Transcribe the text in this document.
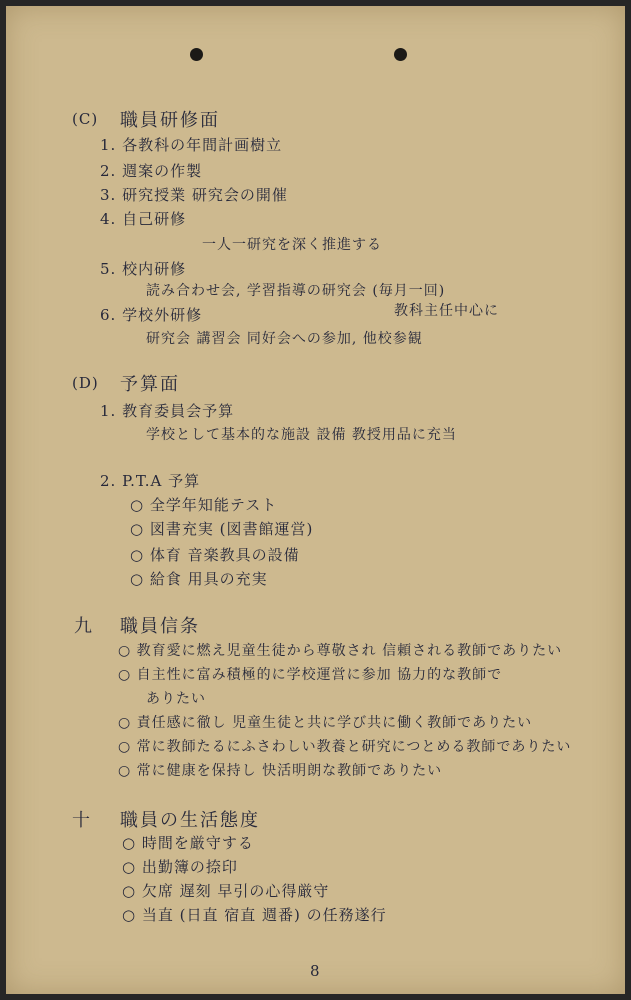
(C) 職員研修面
1. 各教科の年間計画樹立
2. 週案の作製
3. 研究授業 研究会の開催
4. 自己研修
一人一研究を深く推進する
5. 校内研修
読み合わせ会, 学習指導の研究会 (毎月一回)
6. 学校外研修	教科主任中心に
研究会 講習会 同好会への参加, 他校参観
(D) 予算面
1. 教育委員会予算
学校として基本的な施設 設備 教授用品に充当
2. P.T.A 予算
○ 全学年知能テスト
○ 図書充実 (図書館運営)
○ 体育 音楽教具の設備
○ 給食 用具の充実
九 職員信条
○ 教育愛に燃え児童生徒から尊敬され 信頼される教師でありたい
○ 自主性に富み積極的に学校運営に参加 協力的な教師で
ありたい
○ 責任感に徹し 児童生徒と共に学び共に働く教師でありたい
○ 常に教師たるにふさわしい教養と研究につとめる教師でありたい
○ 常に健康を保持し 快活明朗な教師でありたい
十 職員の生活態度
○ 時間を厳守する
○ 出勤簿の捺印
○ 欠席 遅刻 早引の心得厳守
○ 当直 (日直 宿直 週番) の任務遂行
8
